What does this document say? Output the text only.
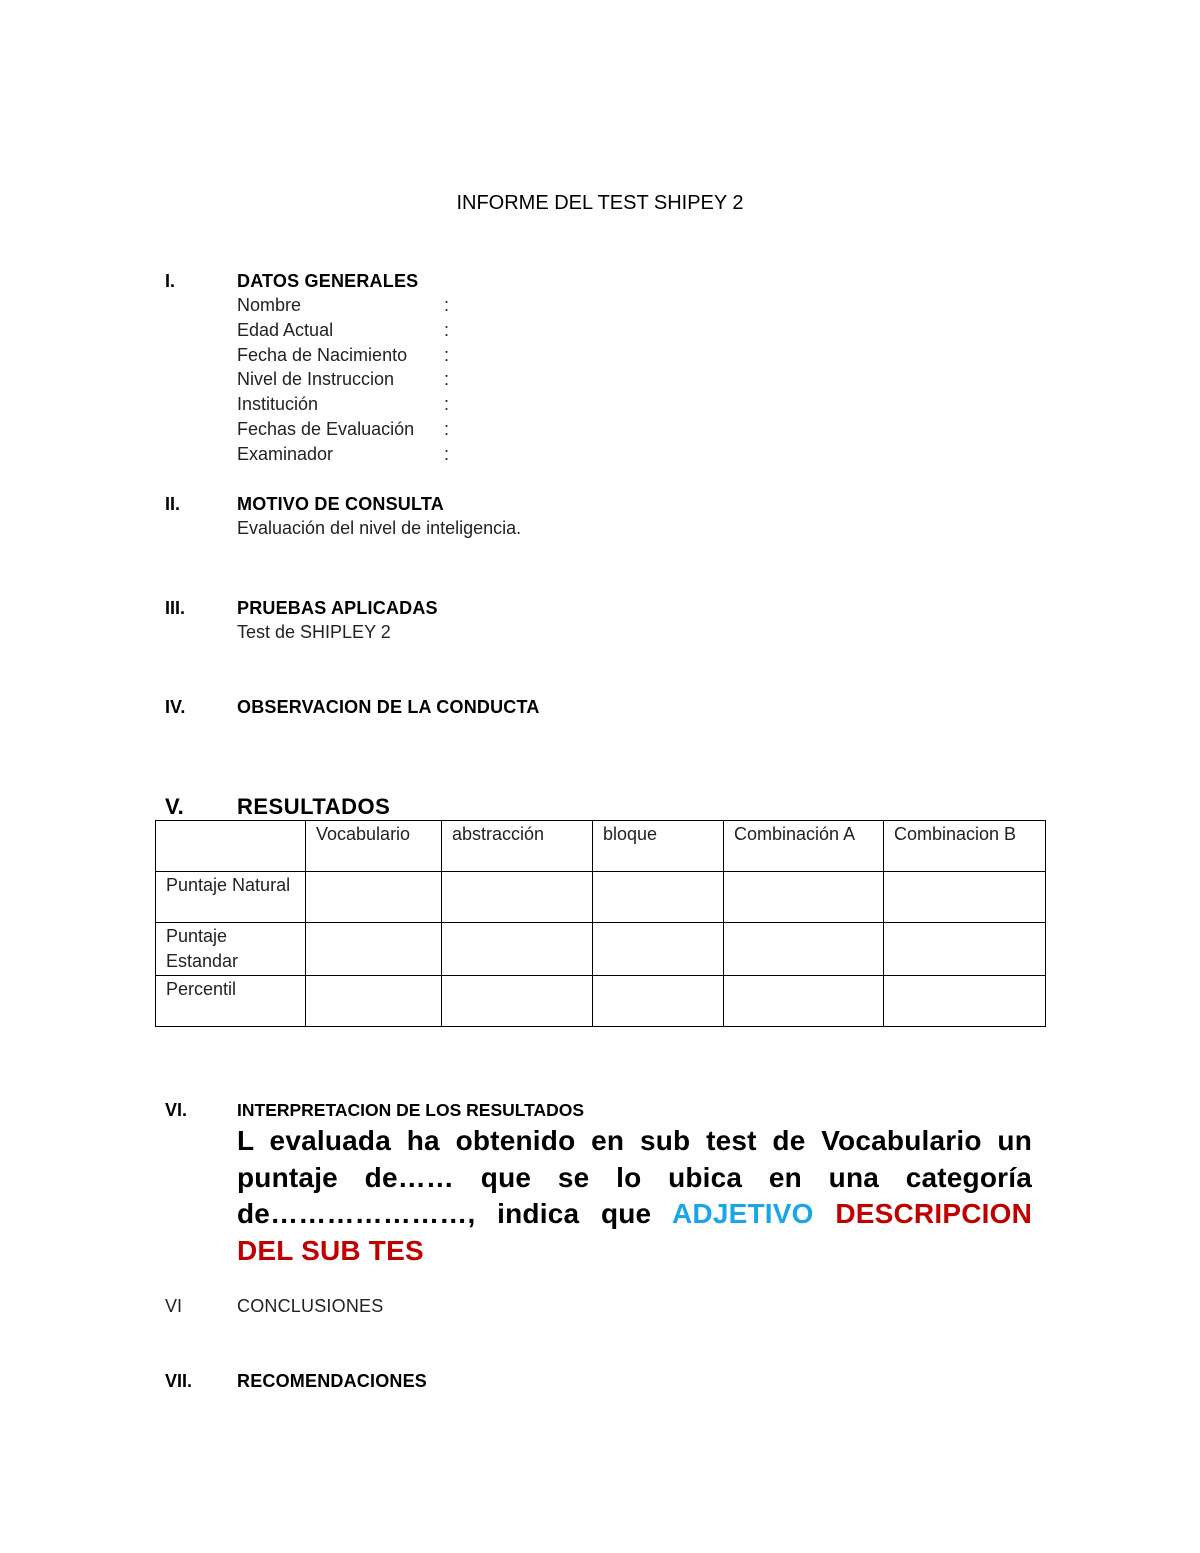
INFORME DEL TEST SHIPEY 2
I.	DATOS GENERALES
Nombre	:
Edad Actual	:
Fecha de Nacimiento :
Nivel de Instruccion	:
Institución	:
Fechas de Evaluación :
Examinador	:
II.	MOTIVO DE CONSULTA
Evaluación del nivel de inteligencia.
III.	PRUEBAS APLICADAS
Test de SHIPLEY 2
IV.	OBSERVACION DE LA CONDUCTA
V. RESULTADOS
	Vocabulario	abstracción	bloque	Combinación A	Combinacion B
Puntaje Natural					
Puntaje Estandar					
Percentil					
VI.	INTERPRETACION DE LOS RESULTADOS
L evaluada ha obtenido en sub test de Vocabulario un puntaje de…… que se lo ubica en una categoría de…………………, indica que ADJETIVO DESCRIPCION DEL SUB TES
VI	CONCLUSIONES
VII. RECOMENDACIONES
